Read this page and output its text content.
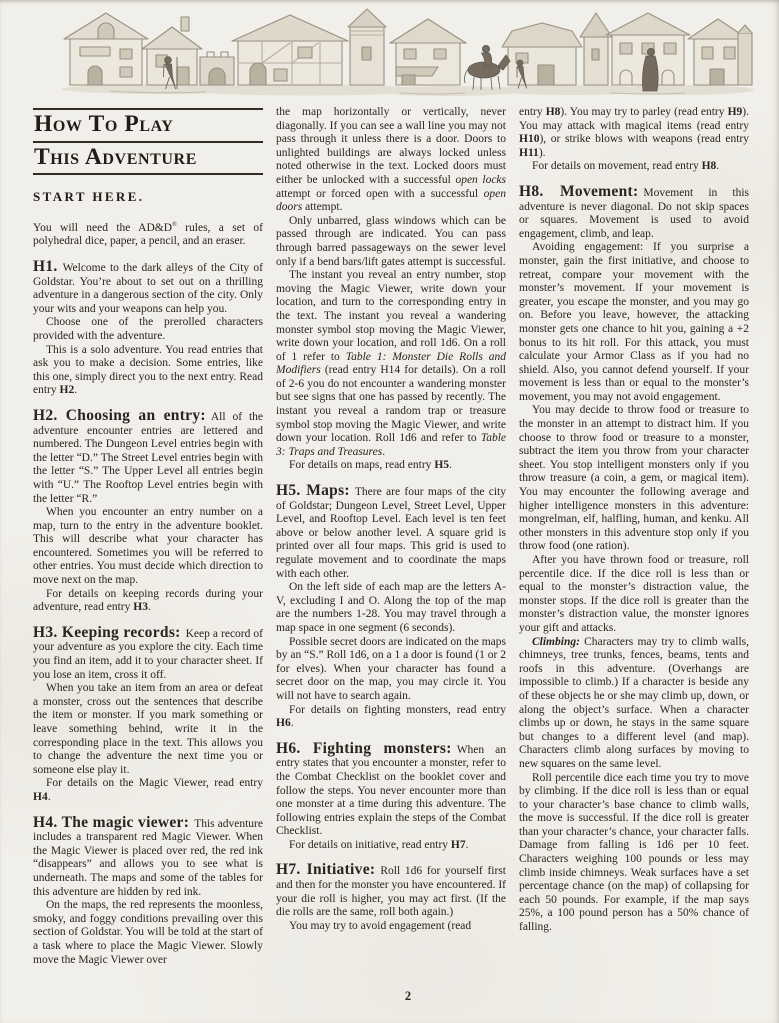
How To Play
This Adventure
START HERE.

You will need the AD&D® rules, a set of polyhedral dice, paper, a pencil, and an eraser.

H1. Welcome to the dark alleys of the City of Goldstar. You’re about to set out on a thrilling adventure in a dangerous section of the city. Only your wits and your weapons can help you.

Choose one of the prerolled characters provided with the adventure.

This is a solo adventure. You read entries that ask you to make a decision. Some entries, like this one, simply direct you to the next entry. Read entry H2.

H2. Choosing an entry: All of the adventure encounter entries are lettered and numbered. The Dungeon Level entries begin with the letter “D.” The Street Level entries begin with the letter “S.” The Upper Level all entries begin with “U.” The Rooftop Level entries begin with the letter “R.”

When you encounter an entry number on a map, turn to the entry in the adventure booklet. This will describe what your character has encountered. Sometimes you will be referred to other entries. You must decide which direction to move next on the map.

For details on keeping records during your adventure, read entry H3.

H3. Keeping records: Keep a record of your adventure as you explore the city. Each time you find an item, add it to your character sheet. If you lose an item, cross it off.

When you take an item from an area or defeat a monster, cross out the sentences that describe the item or monster. If you mark something or leave something behind, write it in the corresponding place in the text. This allows you to change the adventure the next time you or someone else play it.

For details on the Magic Viewer, read entry H4.

H4. The magic viewer: This adventure includes a transparent red Magic Viewer. When the Magic Viewer is placed over red, the red ink “disappears” and allows you to see what is underneath. The maps and some of the tables for this adventure are hidden by red ink.

On the maps, the red represents the moonless, smoky, and foggy conditions prevailing over this section of Goldstar. You will be told at the start of a task where to place the Magic Viewer. Slowly move the Magic Viewer over

the map horizontally or vertically, never diagonally. If you can see a wall line you may not pass through it unless there is a door. Doors to unlighted buildings are always locked unless noted otherwise in the text. Locked doors must either be unlocked with a successful open locks attempt or forced open with a successful open doors attempt.

Only unbarred, glass windows which can be passed through are indicated. You can pass through barred passageways on the sewer level only if a bend bars/lift gates attempt is successful.

The instant you reveal an entry number, stop moving the Magic Viewer, write down your location, and turn to the corresponding entry in the text. The instant you reveal a wandering monster symbol stop moving the Magic Viewer, write down your location, and roll 1d6. On a roll of 1 refer to Table 1: Monster Die Rolls and Modifiers (read entry H14 for details). On a roll of 2-6 you do not encounter a wandering monster but see signs that one has passed by recently. The instant you reveal a random trap or treasure symbol stop moving the Magic Viewer, and write down your location. Roll 1d6 and refer to Table 3: Traps and Treasures.

For details on maps, read entry H5.

H5. Maps: There are four maps of the city of Goldstar; Dungeon Level, Street Level, Upper Level, and Rooftop Level. Each level is ten feet above or below another level. A square grid is printed over all four maps. This grid is used to regulate movement and to coordinate the maps with each other.

On the left side of each map are the letters A-V, excluding I and O. Along the top of the map are the numbers 1-28. You may travel through a map space in one segment (6 seconds).

Possible secret doors are indicated on the maps by an “S.” Roll 1d6, on a 1 a door is found (1 or 2 for elves). When your character has found a secret door on the map, you may circle it. You will not have to search again.

For details on fighting monsters, read entry H6.

H6. Fighting monsters: When an entry states that you encounter a monster, refer to the Combat Checklist on the booklet cover and follow the steps. You never encounter more than one monster at a time during this adventure. The following entries explain the steps of the Combat Checklist.

For details on initiative, read entry H7.

H7. Initiative: Roll 1d6 for yourself first and then for the monster you have encountered. If your die roll is higher, you may act first. (If the die rolls are the same, roll both again.)

You may try to avoid engagement (read

entry H8). You may try to parley (read entry H9). You may attack with magical items (read entry H10), or strike blows with weapons (read entry H11).

For details on movement, read entry H8.

H8. Movement: Movement in this adventure is never diagonal. Do not skip spaces or squares. Movement is used to avoid engagement, climb, and leap.

Avoiding engagement: If you surprise a monster, gain the first initiative, and choose to retreat, compare your movement with the monster’s movement. If your movement is greater, you escape the monster, and you may go on. Before you leave, however, the attacking monster gets one chance to hit you, gaining a +2 bonus to its hit roll. For this attack, you must calculate your Armor Class as if you had no shield. Also, you cannot defend yourself. If your movement is less than or equal to the monster’s movement, you may not avoid engagement.

You may decide to throw food or treasure to the monster in an attempt to distract him. If you choose to throw food or treasure to a monster, subtract the item you throw from your character sheet. You stop intelligent monsters only if you throw treasure (a coin, a gem, or magical item). You may encounter the following average and higher intelligence monsters in this adventure: mongrelman, elf, halfling, human, and kenku. All other monsters in this adventure stop only if you throw food (one ration).

After you have thrown food or treasure, roll percentile dice. If the dice roll is less than or equal to the monster’s distraction value, the monster stops. If the dice roll is greater than the monster’s distraction value, the monster ignores your gift and attacks.

Climbing: Characters may try to climb walls, chimneys, tree trunks, fences, beams, tents and roofs in this adventure. (Overhangs are impossible to climb.) If a character is beside any of these objects he or she may climb up, down, or along the object’s surface. When a character climbs up or down, he stays in the same square but changes to a different level (and map). Characters climb along surfaces by moving to new squares on the same level.

Roll percentile dice each time you try to move by climbing. If the dice roll is less than or equal to your character’s base chance to climb walls, the move is successful. If the dice roll is greater than your character’s chance, your character falls. Damage from falling is 1d6 per 10 feet. Characters weighing 100 pounds or less may climb inside chimneys. Weak surfaces have a set percentage chance (on the map) of collapsing for each 50 pounds. For example, if the map says 25%, a 100 pound person has a 50% chance of falling.

2
